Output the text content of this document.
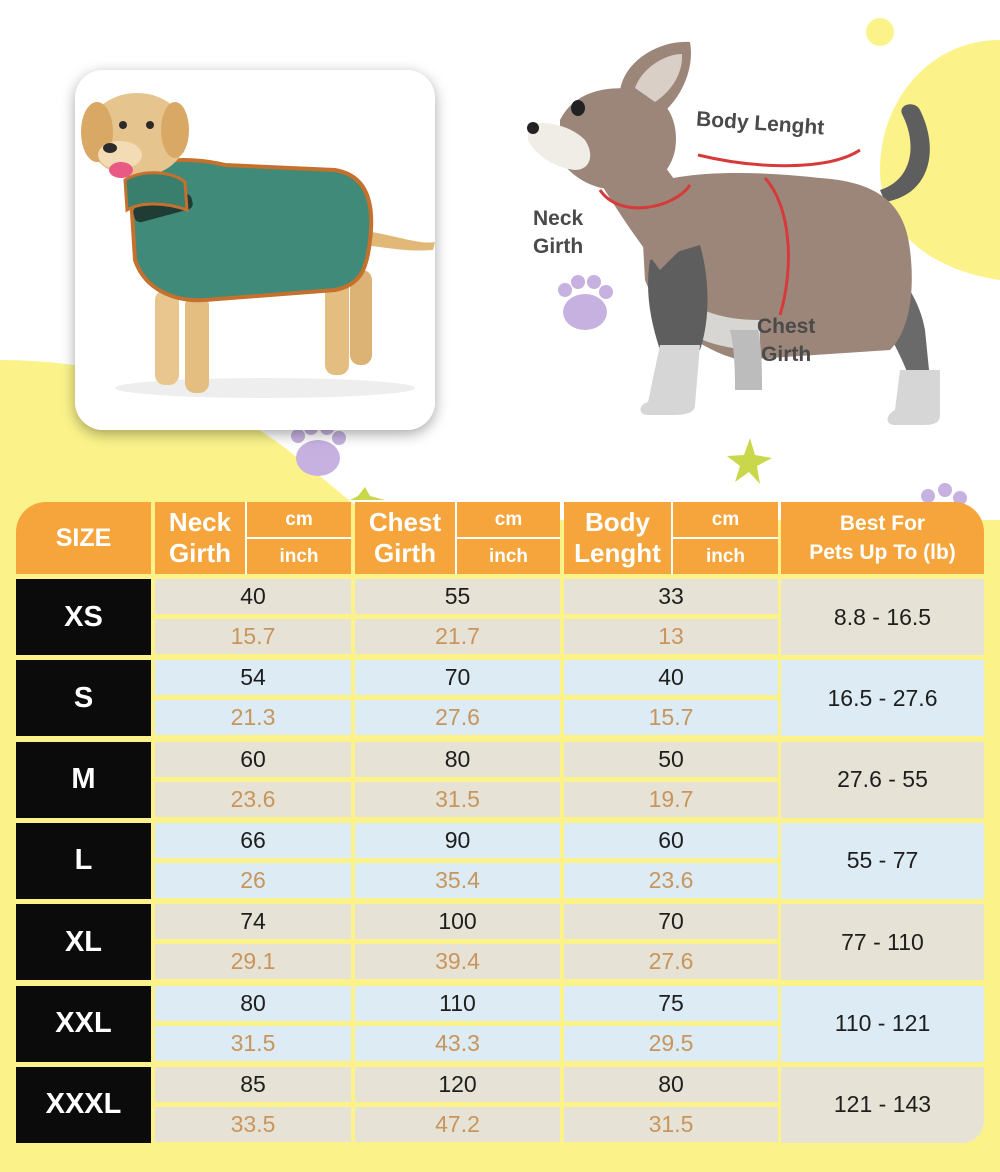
Body Lenght
Neck
Girth
Chest
Girth
SIZE
Neck
Girth
cm
inch
Chest
Girth
cm
inch
Body
Lenght
cm
inch
Best For
Pets Up To (lb)
XS
40
15.7
55
21.7
33
13
8.8 - 16.5
S
54
21.3
70
27.6
40
15.7
16.5 - 27.6
M
60
23.6
80
31.5
50
19.7
27.6 - 55
L
66
26
90
35.4
60
23.6
55 - 77
XL
74
29.1
100
39.4
70
27.6
77 - 110
XXL
80
31.5
110
43.3
75
29.5
110 - 121
XXXL
85
33.5
120
47.2
80
31.5
121 - 143
